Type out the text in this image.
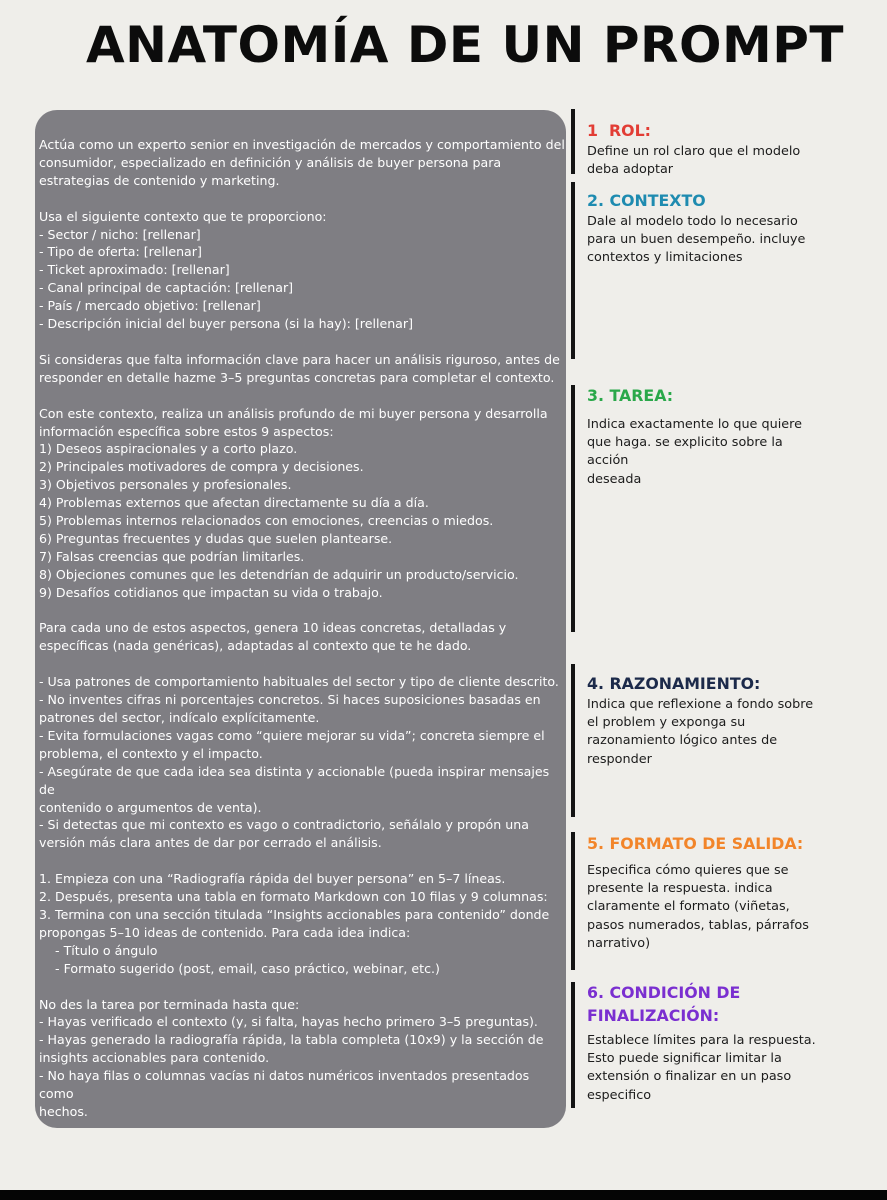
ANATOMÍA DE UN PROMPT
Actúa como un experto senior en investigación de mercados y comportamiento del
consumidor, especializado en definición y análisis de buyer persona para
estrategias de contenido y marketing.

Usa el siguiente contexto que te proporciono:
- Sector / nicho: [rellenar]
- Tipo de oferta: [rellenar]
- Ticket aproximado: [rellenar]
- Canal principal de captación: [rellenar]
- País / mercado objetivo: [rellenar]
- Descripción inicial del buyer persona (si la hay): [rellenar]

Si consideras que falta información clave para hacer un análisis riguroso, antes de
responder en detalle hazme 3–5 preguntas concretas para completar el contexto.

Con este contexto, realiza un análisis profundo de mi buyer persona y desarrolla
información específica sobre estos 9 aspectos:
1) Deseos aspiracionales y a corto plazo.
2) Principales motivadores de compra y decisiones.
3) Objetivos personales y profesionales.
4) Problemas externos que afectan directamente su día a día.
5) Problemas internos relacionados con emociones, creencias o miedos.
6) Preguntas frecuentes y dudas que suelen plantearse.
7) Falsas creencias que podrían limitarles.
8) Objeciones comunes que les detendrían de adquirir un producto/servicio.
9) Desafíos cotidianos que impactan su vida o trabajo.

Para cada uno de estos aspectos, genera 10 ideas concretas, detalladas y
específicas (nada genéricas), adaptadas al contexto que te he dado.

- Usa patrones de comportamiento habituales del sector y tipo de cliente descrito.
- No inventes cifras ni porcentajes concretos. Si haces suposiciones basadas en
patrones del sector, indícalo explícitamente.
- Evita formulaciones vagas como “quiere mejorar su vida”; concreta siempre el
problema, el contexto y el impacto.
- Asegúrate de que cada idea sea distinta y accionable (pueda inspirar mensajes de
contenido o argumentos de venta).
- Si detectas que mi contexto es vago o contradictorio, señálalo y propón una
versión más clara antes de dar por cerrado el análisis.

1. Empieza con una “Radiografía rápida del buyer persona” en 5–7 líneas.
2. Después, presenta una tabla en formato Markdown con 10 filas y 9 columnas:
3. Termina con una sección titulada “Insights accionables para contenido” donde
propongas 5–10 ideas de contenido. Para cada idea indica:
- Título o ángulo
- Formato sugerido (post, email, caso práctico, webinar, etc.)

No des la tarea por terminada hasta que:
- Hayas verificado el contexto (y, si falta, hayas hecho primero 3–5 preguntas).
- Hayas generado la radiografía rápida, la tabla completa (10x9) y la sección de
insights accionables para contenido.
- No haya filas o columnas vacías ni datos numéricos inventados presentados como
hechos.
1  ROL:
Define un rol claro que el modelo
deba adoptar
2. CONTEXTO
Dale al modelo todo lo necesario
para un buen desempeño. incluye
contextos y limitaciones
3. TAREA:
Indica exactamente lo que quiere
que haga. se explicito sobre la acción
deseada
4. RAZONAMIENTO:
Indica que reflexione a fondo sobre
el problem y exponga su
razonamiento lógico antes de
responder
5. FORMATO DE SALIDA:
Especifica cómo quieres que se
presente la respuesta. indica
claramente el formato (viñetas,
pasos numerados, tablas, párrafos
narrativo)
6. CONDICIÓN DE
FINALIZACIÓN:
Establece límites para la respuesta.
Esto puede significar limitar la
extensión o finalizar en un paso
especifico
